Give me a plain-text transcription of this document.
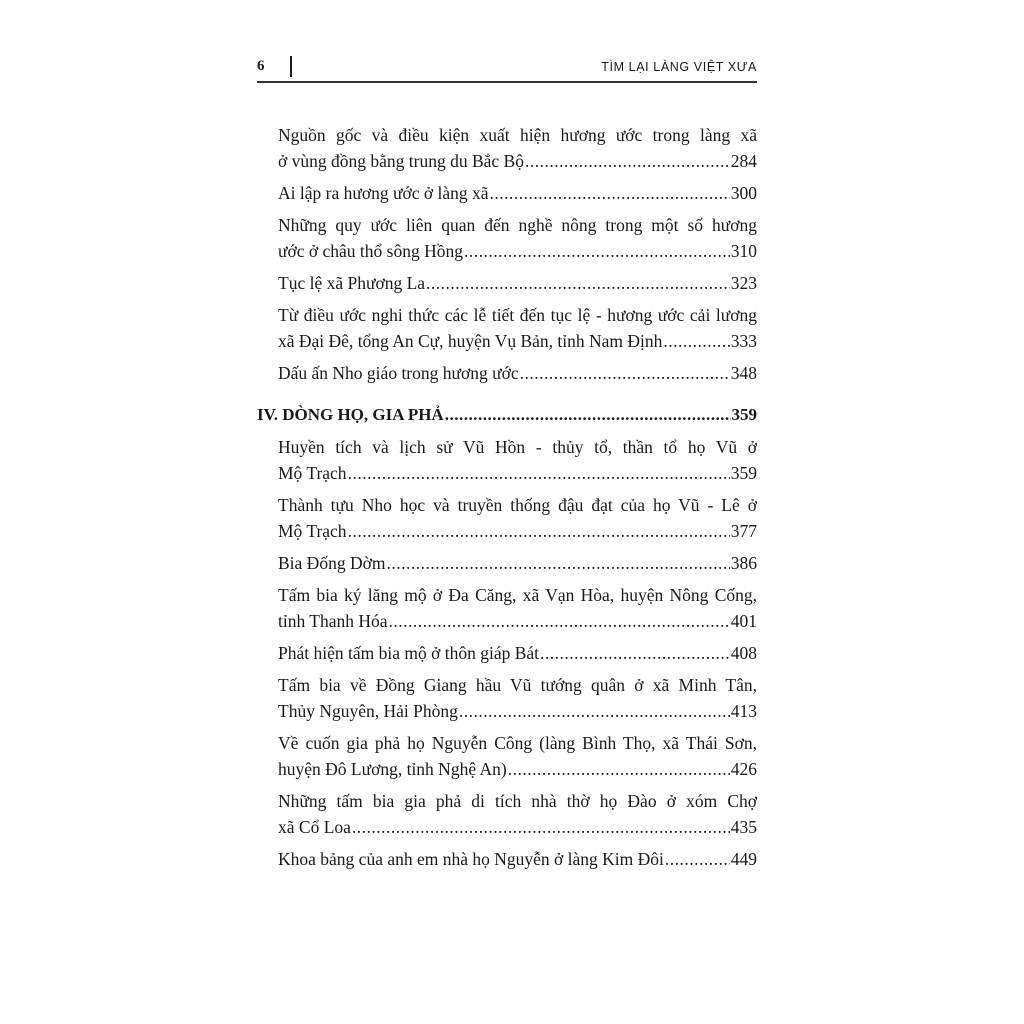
6	TÌM LẠI LÀNG VIỆT XƯA
Nguồn gốc và điều kiện xuất hiện hương ước trong làng xã
ở vùng đồng bằng trung du Bắc Bộ .....	284
Ai lập ra hương ước ở làng xã .....	300
Những quy ước liên quan đến nghề nông trong một số hương
ước ở châu thổ sông Hồng .....	310
Tục lệ xã Phương La .....	323
Từ điều ước nghi thức các lễ tiết đến tục lệ - hương ước cải lương
xã Đại Đê, tổng An Cự, huyện Vụ Bản, tỉnh Nam Định .....	333
Dấu ấn Nho giáo trong hương ước .....	348
IV. DÒNG HỌ, GIA PHẢ .....	359
Huyền tích và lịch sử Vũ Hồn - thủy tổ, thần tổ họ Vũ ở
Mộ Trạch .....	359
Thành tựu Nho học và truyền thống đậu đạt của họ Vũ - Lê ở
Mộ Trạch .....	377
Bia Đống Dờm .....	386
Tấm bia ký lăng mộ ở Đa Căng, xã Vạn Hòa, huyện Nông Cống,
tỉnh Thanh Hóa .....	401
Phát hiện tấm bia mộ ở thôn giáp Bát .....	408
Tấm bia về Đồng Giang hầu Vũ tướng quân ở xã Minh Tân,
Thủy Nguyên, Hải Phòng .....	413
Về cuốn gia phả họ Nguyễn Công (làng Bình Thọ, xã Thái Sơn,
huyện Đô Lương, tỉnh Nghệ An) .....	426
Những tấm bia gia phả di tích nhà thờ họ Đào ở xóm Chợ
xã Cổ Loa .....	435
Khoa bảng của anh em nhà họ Nguyễn ở làng Kim Đôi .....	449
